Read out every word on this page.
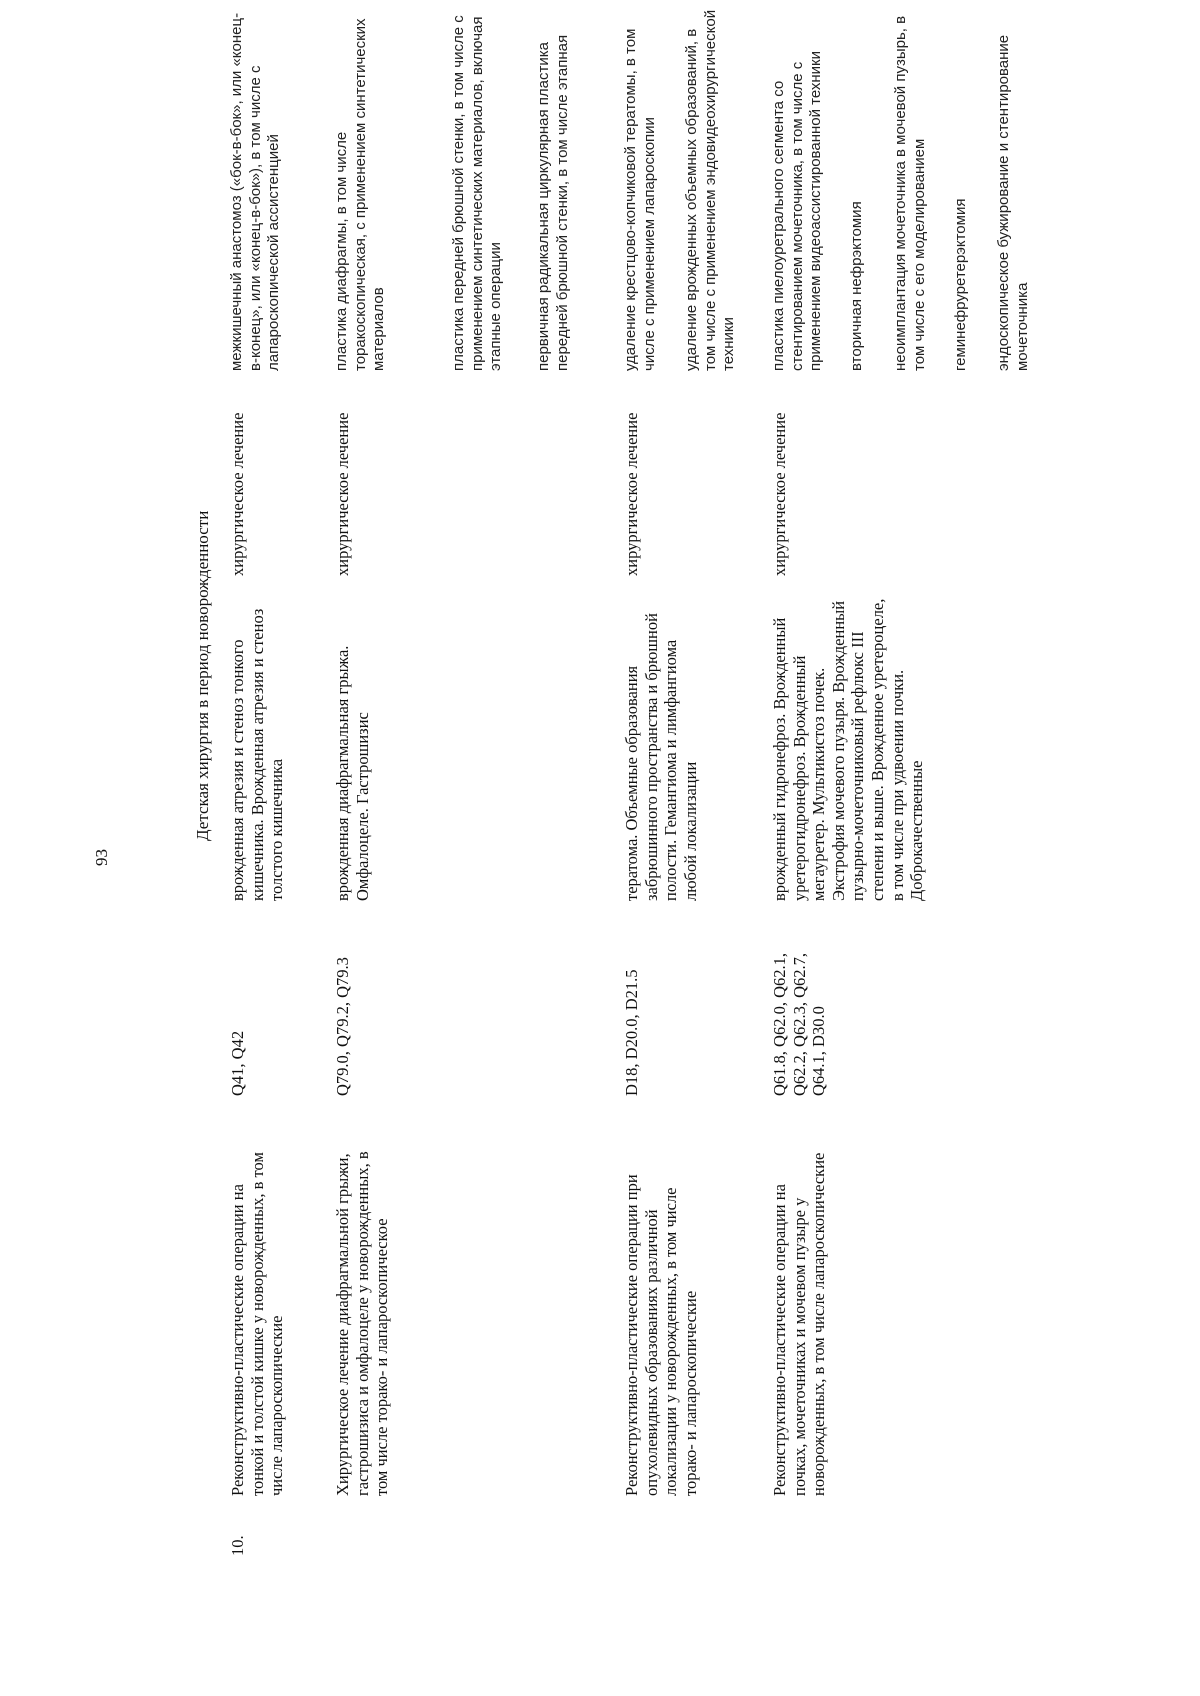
93
Детская хирургия в период новорожденности
10.
Реконструктивно-пластические операции на тонкой и толстой кишке у новорожденных, в том числе лапароскопические
Q41, Q42
врожденная атрезия и стеноз тонкого кишечника. Врожденная атрезия и стеноз толстого кишечника
хирургическое лечение
межкишечный анастомоз («бок-в-бок», или «конец-в-конец», или «конец-в-бок»), в том числе с лапароскопической ассистенцией
Хирургическое лечение диафрагмальной грыжи, гастрошизиса и омфалоцеле у новорожденных, в том числе торако- и лапароскопическое
Q79.0, Q79.2, Q79.3
врожденная диафрагмальная грыжа. Омфалоцеле. Гастрошизис
хирургическое лечение
пластика диафрагмы, в том числе торакоскопическая, с применением синтетических материалов	пластика передней брюшной стенки, в том числе с применением синтетических материалов, включая этапные операции первичная радикальная циркулярная пластика передней брюшной стенки, в том числе этапная
Реконструктивно-пластические операции при опухолевидных образованиях различной локализации у новорожденных, в том числе торако- и лапароскопические
D18, D20.0, D21.5
тератома. Объемные образования забрюшинного пространства и брюшной полости. Гемангиома и лимфангиома любой локализации
хирургическое лечение
удаление крестцово-копчиковой тератомы, в том числе с применением лапароскопии удаление врожденных объемных образований, в том числе с применением эндовидеохирургической техники
Реконструктивно-пластические операции на почках, мочеточниках и мочевом пузыре у новорожденных, в том числе лапароскопические
Q61.8, Q62.0, Q62.1, Q62.2, Q62.3, Q62.7, Q64.1, D30.0
врожденный гидронефроз. Врожденный уретерогидронефроз. Врожденный мегауретер. Мультикистоз почек. Экстрофия мочевого пузыря. Врожденный пузырно-мочеточниковый рефлюкс III степени и выше. Врожденное уретероцеле, в том числе при удвоении почки. Доброкачественные
хирургическое лечение
пластика пиелоуретрального сегмента со стентированием мочеточника, в том числе с применением видеоассистированной техники вторичная нефрэктомия неоимплантация мочеточника в мочевой пузырь, в том числе с его моделированием геминефруретерэктомия эндоскопическое бужирование и стентирование мочеточника
